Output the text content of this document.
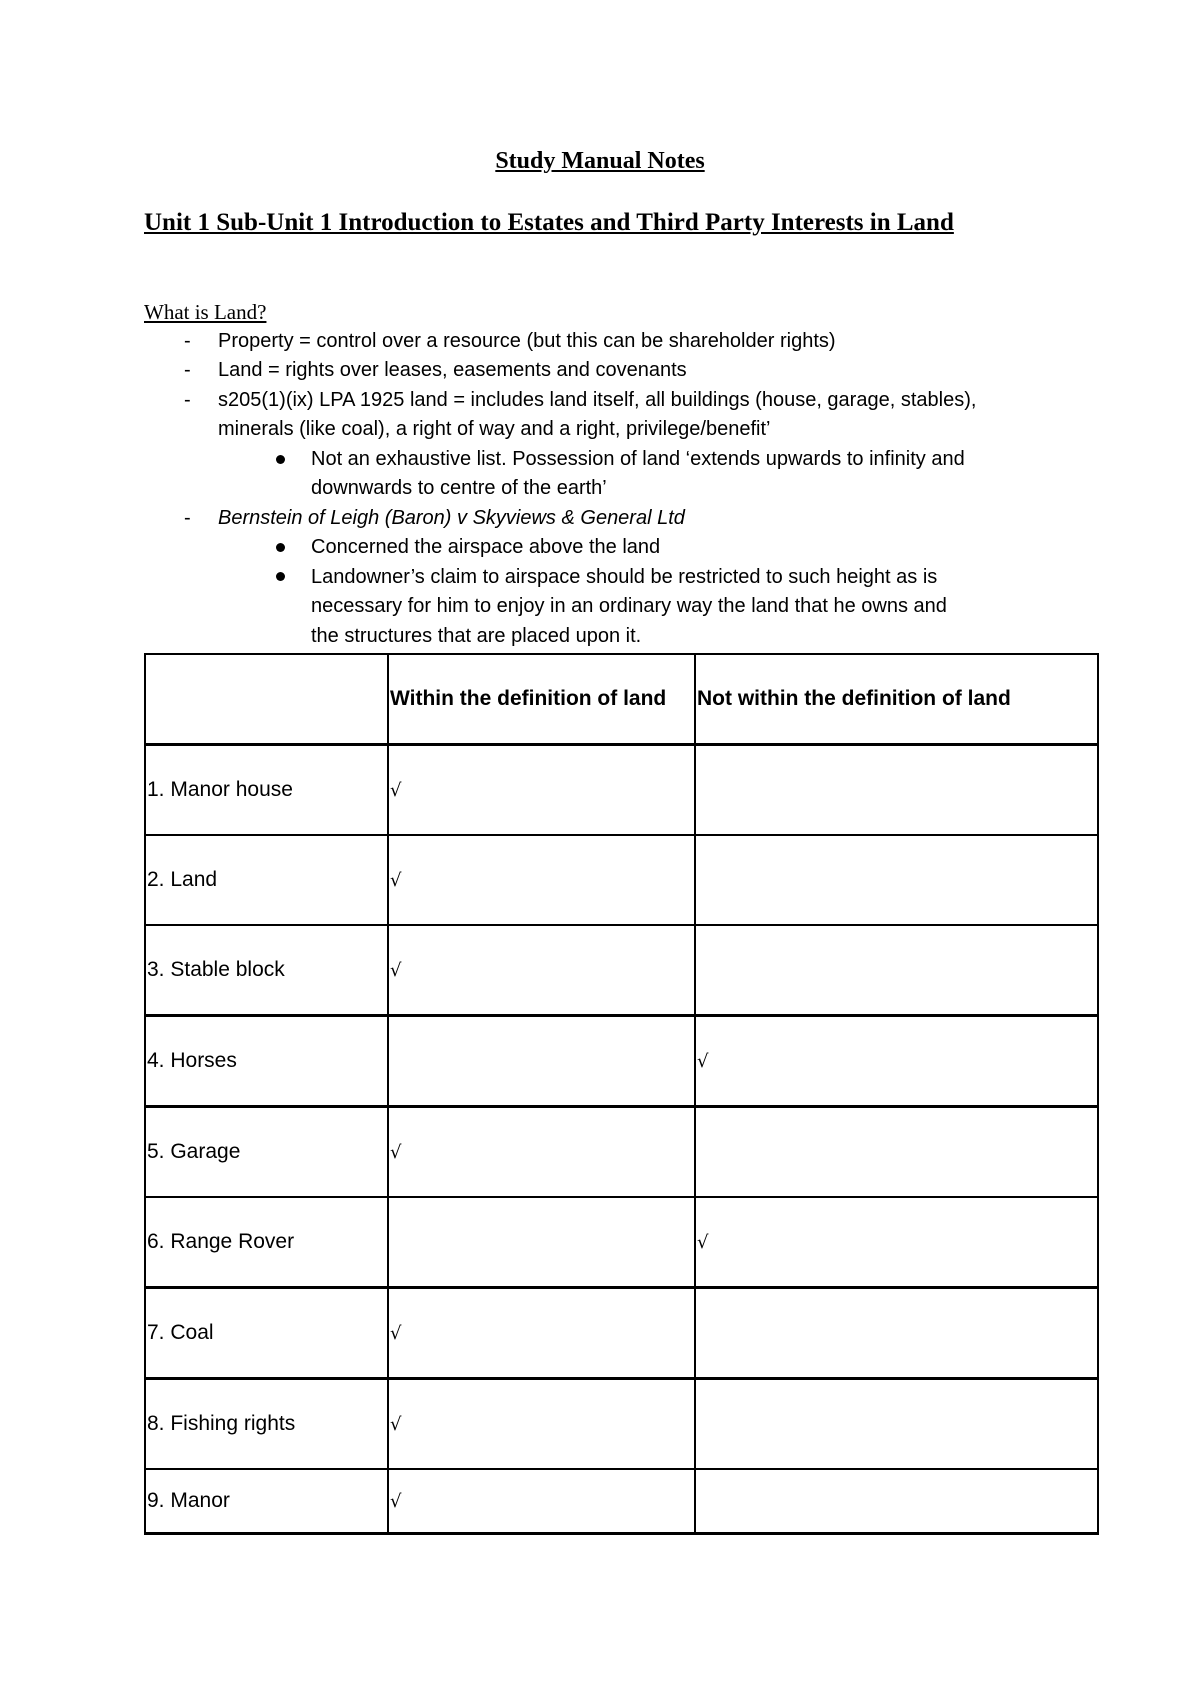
Study Manual Notes
Unit 1 Sub-Unit 1 Introduction to Estates and Third Party Interests in Land
What is Land?
- Property = control over a resource (but this can be shareholder rights)
- Land = rights over leases, easements and covenants
- s205(1)(ix) LPA 1925 land = includes land itself, all buildings (house, garage, stables),
minerals (like coal), a right of way and a right, privilege/benefit’
Not an exhaustive list. Possession of land ‘extends upwards to infinity and
downwards to centre of the earth’
- Bernstein of Leigh (Baron) v Skyviews & General Ltd
Concerned the airspace above the land
Landowner’s claim to airspace should be restricted to such height as is
necessary for him to enjoy in an ordinary way the land that he owns and
the structures that are placed upon it.
	Within the definition of land	Not within the definition of land
1. Manor house	√	
2. Land	√	
3. Stable block	√	
4. Horses		√
5. Garage	√	
6. Range Rover		√
7. Coal	√	
8. Fishing rights	√	
9. Manor	√	
